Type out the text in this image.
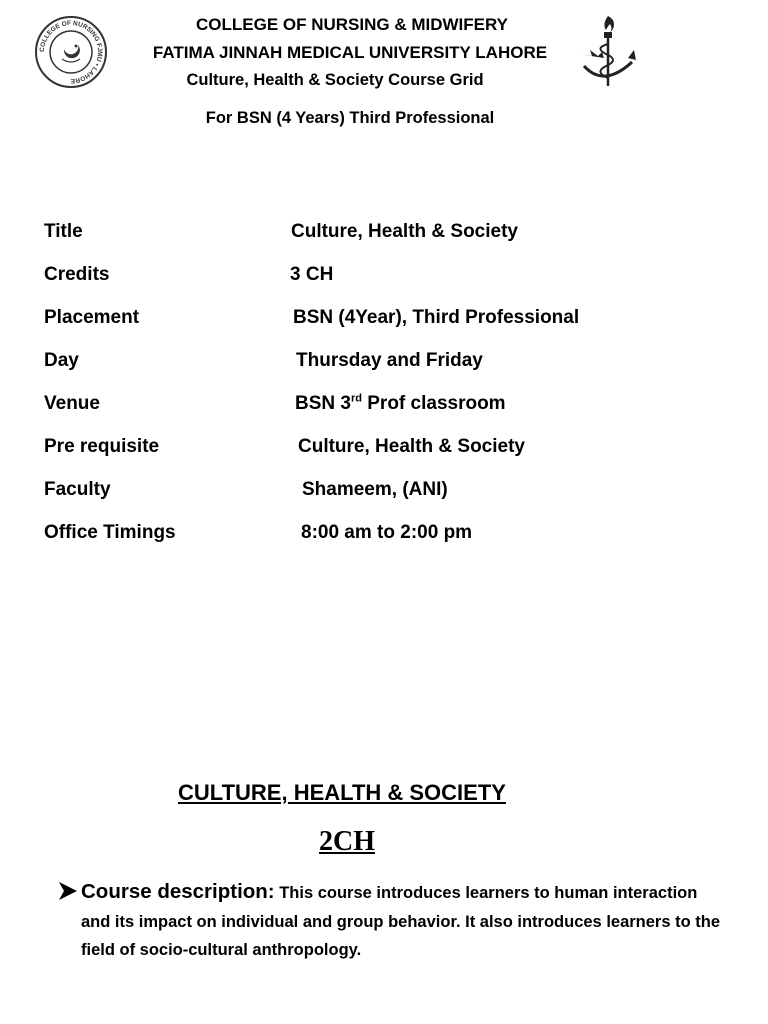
COLLEGE OF NURSING FJMU • LAHORE
COLLEGE OF NURSING & MIDWIFERY
FATIMA JINNAH MEDICAL UNIVERSITY LAHORE
Culture, Health & Society Course Grid
For BSN (4 Years) Third Professional
Title	Culture, Health & Society
Credits	3 CH
Placement	BSN (4Year), Third Professional
Day	Thursday and Friday
Venue	BSN 3rd Prof classroom
Pre requisite	Culture, Health & Society
Faculty	Shameem, (ANI)
Office Timings	8:00 am to 2:00 pm
CULTURE, HEALTH & SOCIETY
2CH
Course description: This course introduces learners to human interaction and its impact on individual and group behavior. It also introduces learners to the field of socio-cultural anthropology.
